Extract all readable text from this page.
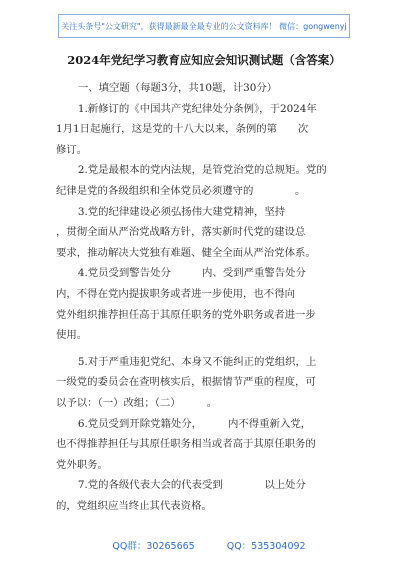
关注头条号"公文研究"，获得最新最全最专业的公文资料库！ 微信：gongwenyj
2024年党纪学习教育应知应会知识测试题（含答案）

一、填空题（每题3分，共10题，计30分）

1.新修订的《中国共产党纪律处分条例》，于2024年

1月1日起施行，这是党的十八大以来，条例的第　　次

修订。

2.党是最根本的党内法规，是管党治党的总规矩。党的

纪律是党的各级组织和全体党员必须遵守的　　　　。

3.党的纪律建设必须弘扬伟大建党精神，坚持

，贯彻全面从严治党战略方针，落实新时代党的建设总

要求，推动解决大党独有难题、健全全面从严治党体系。

4.党员受到警告处分　　　内、受到严重警告处分

内，不得在党内提拔职务或者进一步使用，也不得向

党外组织推荐担任高于其原任职务的党外职务或者进一步

使用。

5.对于严重违犯党纪、本身又不能纠正的党组织，上

一级党的委员会在查明核实后，根据情节严重的程度，可

以予以：（一）改组；（二）　　　。

6.党员受到开除党籍处分，　　　内不得重新入党，

也不得推荐担任与其原任职务相当或者高于其原任职务的

党外职务。

7.党的各级代表大会的代表受到　　　　以上处分

的，党组织应当终止其代表资格。

QQ群：30265665	QQ：535304092
